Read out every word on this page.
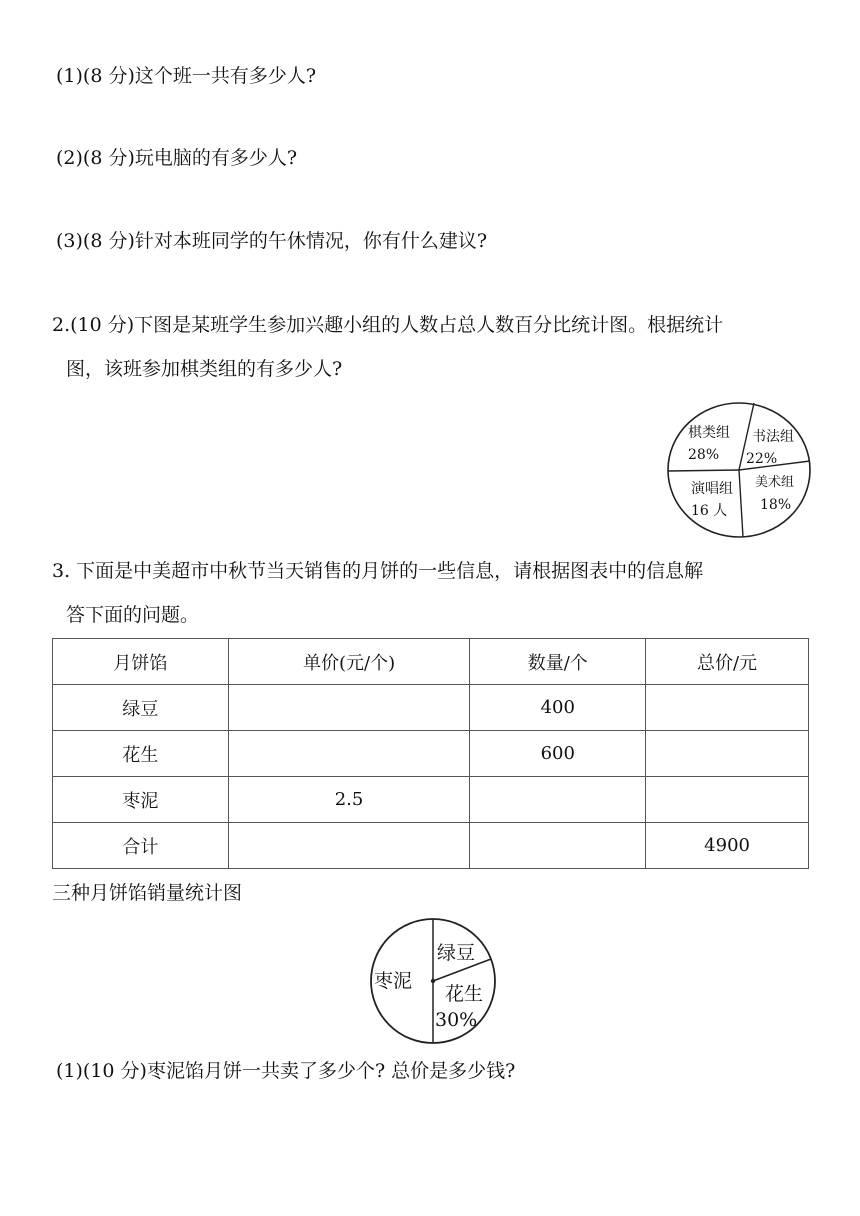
(1)(8 分)这个班一共有多少人?
(2)(8 分)玩电脑的有多少人?
(3)(8 分)针对本班同学的午休情况，你有什么建议?
2.(10 分)下图是某班学生参加兴趣小组的人数占总人数百分比统计图。根据统计
图，该班参加棋类组的有多少人?
棋类组
28%
书法组
22%
美术组
18%
演唱组
16 人
3. 下面是中美超市中秋节当天销售的月饼的一些信息，请根据图表中的信息解
答下面的问题。
月饼馅	单价(元/个)	数量/个	总价/元
绿豆		400	
花生		600	
枣泥	2.5		
合计			4900
三种月饼馅销量统计图
绿豆
花生
30%
枣泥
(1)(10 分)枣泥馅月饼一共卖了多少个? 总价是多少钱?
